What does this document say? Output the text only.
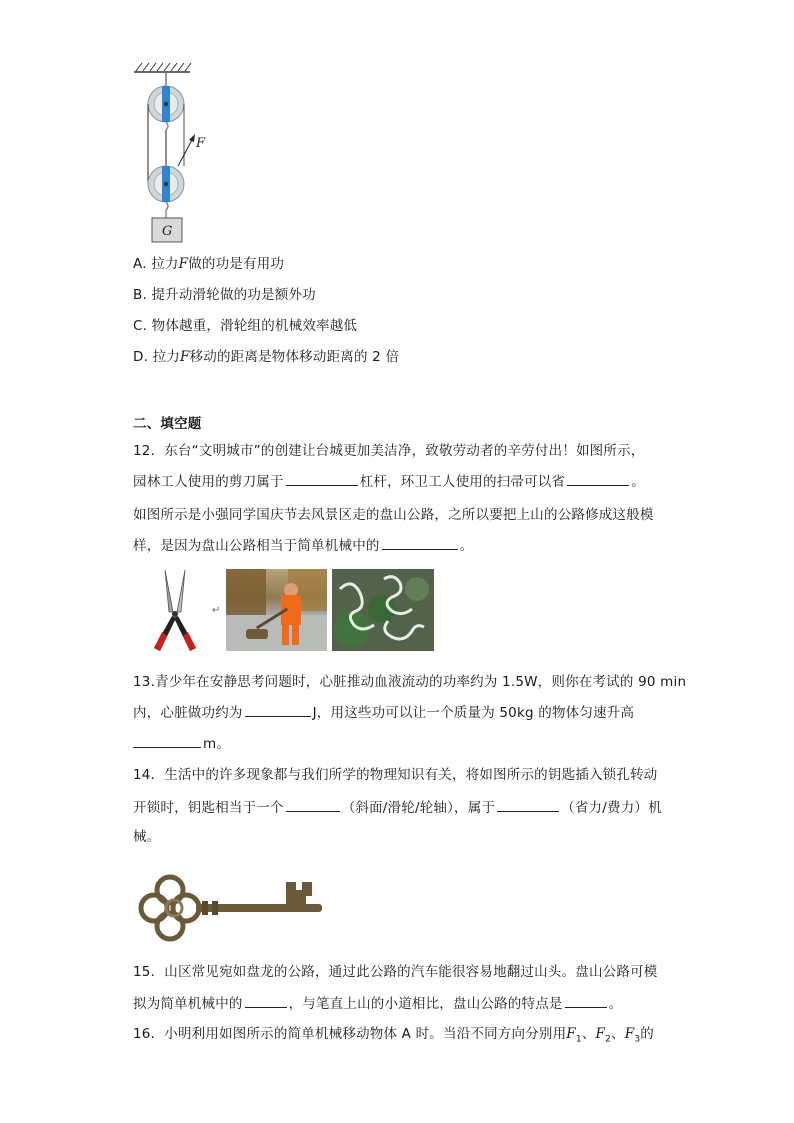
F
G
A. 拉力F做的功是有用功
B. 提升动滑轮做的功是额外功
C. 物体越重，滑轮组的机械效率越低
D. 拉力F移动的距离是物体移动距离的 2 倍
二、填空题
12．东台“文明城市”的创建让台城更加美洁净，致敬劳动者的辛劳付出！如图所示，
园林工人使用的剪刀属于	杠杆，环卫工人使用的扫帚可以省	。
如图所示是小强同学国庆节去风景区走的盘山公路，之所以要把上山的公路修成这般模
样，是因为盘山公路相当于简单机械中的	。
↵
13.青少年在安静思考问题时，心脏推动血液流动的功率约为 1.5W，则你在考试的 90 min
内，心脏做功约为	J，用这些功可以让一个质量为 50kg 的物体匀速升高
m。
14．生活中的许多现象都与我们所学的物理知识有关，将如图所示的钥匙插入锁孔转动
开锁时，钥匙相当于一个	（斜面/滑轮/轮轴），属于	（省力/费力）机
械。
15．山区常见宛如盘龙的公路，通过此公路的汽车能很容易地翻过山头。盘山公路可模
拟为简单机械中的	，与笔直上山的小道相比，盘山公路的特点是	。
16．小明利用如图所示的简单机械移动物体 A 时。当沿不同方向分别用$F_1$、$F_2$、$F_3$的
